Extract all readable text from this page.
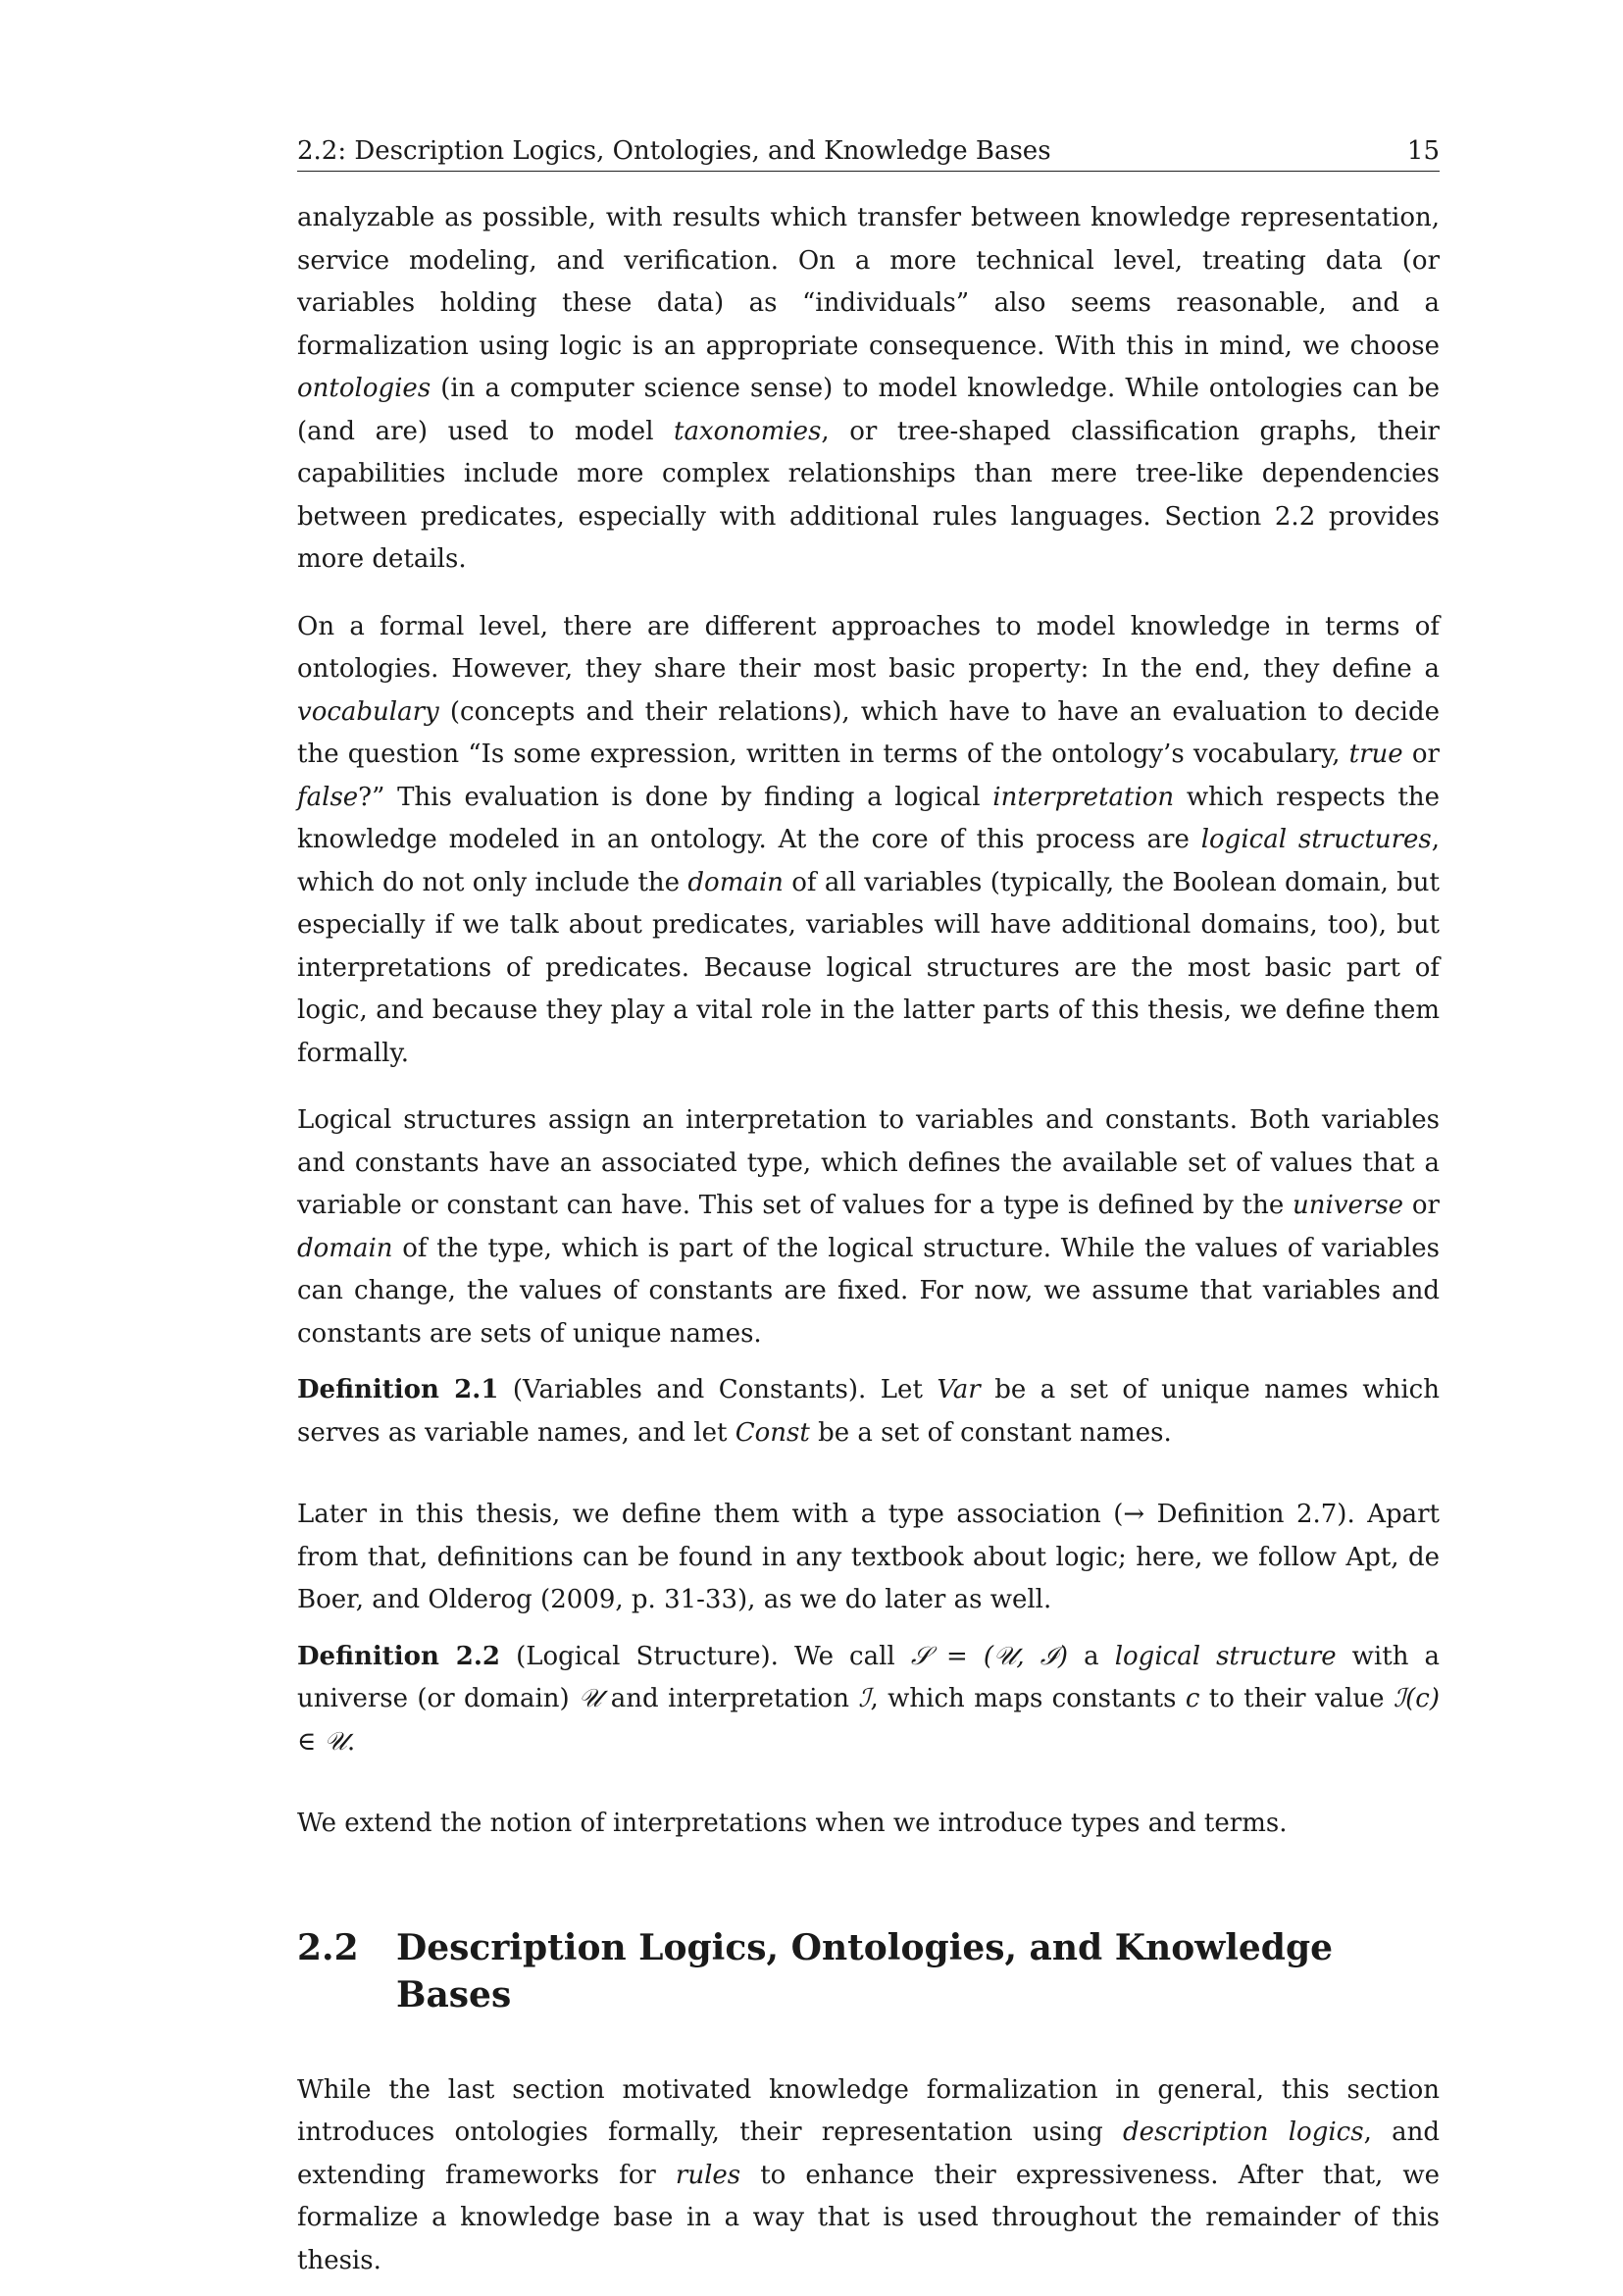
2.2: Description Logics, Ontologies, and Knowledge Bases	15

analyzable as possible, with results which transfer between knowledge representation, service modeling, and verification. On a more technical level, treating data (or variables holding these data) as “individuals” also seems reasonable, and a formalization using logic is an appropriate consequence. With this in mind, we choose ontologies (in a computer science sense) to model knowledge. While ontologies can be (and are) used to model taxonomies, or tree-shaped classification graphs, their capabilities include more complex relationships than mere tree-like dependencies between predicates, especially with additional rules languages. Section 2.2 provides more details.

On a formal level, there are different approaches to model knowledge in terms of ontologies. However, they share their most basic property: In the end, they define a vocabulary (concepts and their relations), which have to have an evaluation to decide the question “Is some expression, written in terms of the ontology’s vocabulary, true or false?” This evaluation is done by finding a logical interpretation which respects the knowledge modeled in an ontology. At the core of this process are logical structures, which do not only include the domain of all variables (typically, the Boolean domain, but especially if we talk about predicates, variables will have additional domains, too), but interpretations of predicates. Because logical structures are the most basic part of logic, and because they play a vital role in the latter parts of this thesis, we define them formally.

Logical structures assign an interpretation to variables and constants. Both variables and constants have an associated type, which defines the available set of values that a variable or constant can have. This set of values for a type is defined by the universe or domain of the type, which is part of the logical structure. While the values of variables can change, the values of constants are fixed. For now, we assume that variables and constants are sets of unique names.

Definition 2.1 (Variables and Constants). Let Var be a set of unique names which serves as variable names, and let Const be a set of constant names.

Later in this thesis, we define them with a type association (→ Definition 2.7). Apart from that, definitions can be found in any textbook about logic; here, we follow Apt, de Boer, and Olderog (2009, p. 31-33), as we do later as well.

Definition 2.2 (Logical Structure). We call 𝒮 = (𝒰, ℐ) a logical structure with a universe (or domain) 𝒰 and interpretation ℐ, which maps constants c to their value ℐ(c) ∈ 𝒰.

We extend the notion of interpretations when we introduce types and terms.

2.2	Description Logics, Ontologies, and Knowledge Bases

While the last section motivated knowledge formalization in general, this section introduces ontologies formally, their representation using description logics, and extending frameworks for rules to enhance their expressiveness. After that, we formalize a knowledge base in a way that is used throughout the remainder of this thesis.
